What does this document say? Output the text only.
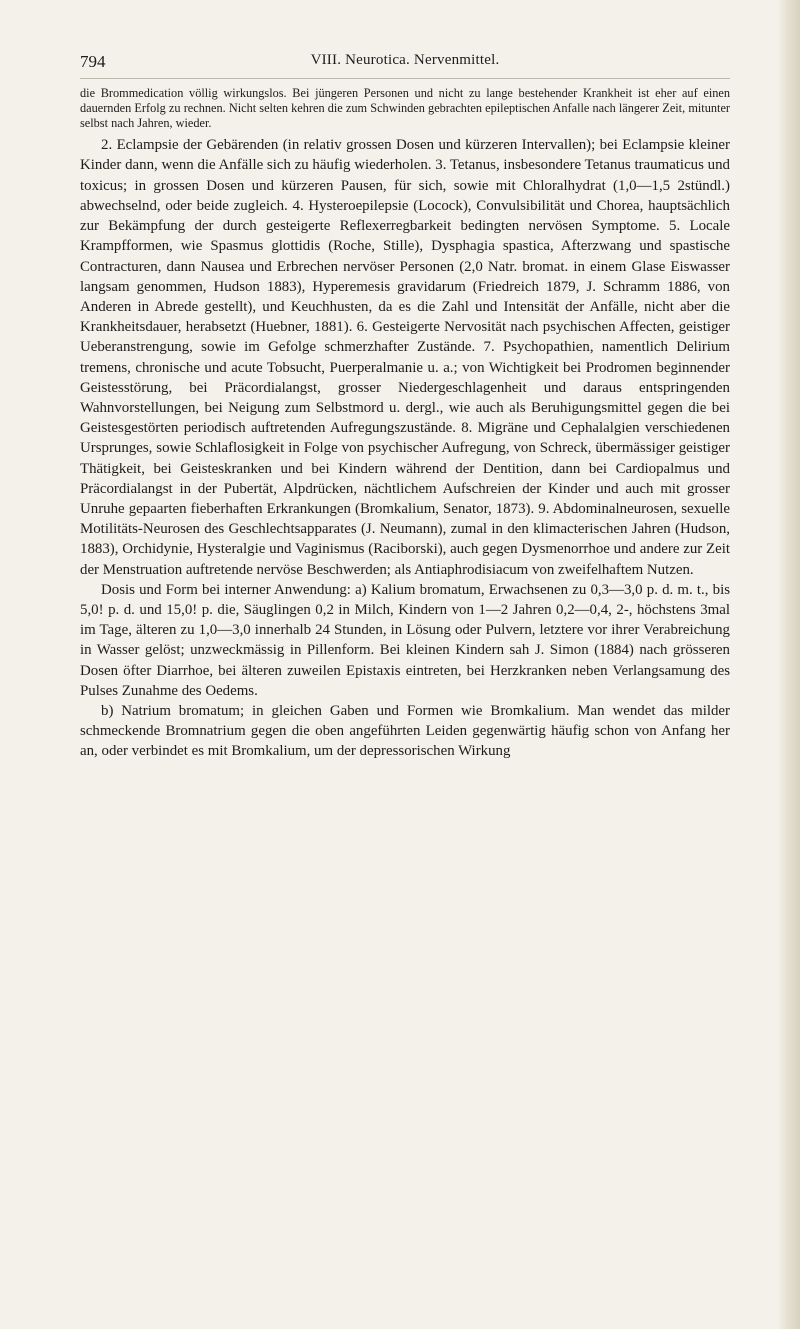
794	VIII. Neurotica. Nervenmittel.

die Brommedication völlig wirkungslos. Bei jüngeren Personen und nicht zu lange bestehender Krankheit ist eher auf einen dauernden Erfolg zu rechnen. Nicht selten kehren die zum Schwinden gebrachten epileptischen Anfalle nach längerer Zeit, mitunter selbst nach Jahren, wieder.

2. Eclampsie der Gebärenden (in relativ grossen Dosen und kürzeren Intervallen); bei Eclampsie kleiner Kinder dann, wenn die Anfälle sich zu häufig wiederholen. 3. Tetanus, insbesondere Tetanus traumaticus und toxicus; in grossen Dosen und kürzeren Pausen, für sich, sowie mit Chloralhydrat (1,0—1,5 2stündl.) abwechselnd, oder beide zugleich. 4. Hysteroepilepsie (Locock), Convulsibilität und Chorea, hauptsächlich zur Bekämpfung der durch gesteigerte Reflexerregbarkeit bedingten nervösen Symptome. 5. Locale Krampfformen, wie Spasmus glottidis (Roche, Stille), Dysphagia spastica, Afterzwang und spastische Contracturen, dann Nausea und Erbrechen nervöser Personen (2,0 Natr. bromat. in einem Glase Eiswasser langsam genommen, Hudson 1883), Hyperemesis gravidarum (Friedreich 1879, J. Schramm 1886, von Anderen in Abrede gestellt), und Keuchhusten, da es die Zahl und Intensität der Anfälle, nicht aber die Krankheitsdauer, herabsetzt (Huebner, 1881). 6. Gesteigerte Nervosität nach psychischen Affecten, geistiger Ueberanstrengung, sowie im Gefolge schmerzhafter Zustände. 7. Psychopathien, namentlich Delirium tremens, chronische und acute Tobsucht, Puerperalmanie u. a.; von Wichtigkeit bei Prodromen beginnender Geistesstörung, bei Präcordialangst, grosser Niedergeschlagenheit und daraus entspringenden Wahnvorstellungen, bei Neigung zum Selbstmord u. dergl., wie auch als Beruhigungsmittel gegen die bei Geistesgestörten periodisch auftretenden Aufregungszustände. 8. Migräne und Cephalalgien verschiedenen Ursprunges, sowie Schlaflosigkeit in Folge von psychischer Aufregung, von Schreck, übermässiger geistiger Thätigkeit, bei Geisteskranken und bei Kindern während der Dentition, dann bei Cardiopalmus und Präcordialangst in der Pubertät, Alpdrücken, nächtlichem Aufschreien der Kinder und auch mit grosser Unruhe gepaarten fieberhaften Erkrankungen (Bromkalium, Senator, 1873). 9. Abdominalneurosen, sexuelle Motilitäts-Neurosen des Geschlechtsapparates (J. Neumann), zumal in den klimacterischen Jahren (Hudson, 1883), Orchidynie, Hysteralgie und Vaginismus (Raciborski), auch gegen Dysmenorrhoe und andere zur Zeit der Menstruation auftretende nervöse Beschwerden; als Antiaphrodisiacum von zweifelhaftem Nutzen.

Dosis und Form bei interner Anwendung: a) Kalium bromatum, Erwachsenen zu 0,3—3,0 p. d. m. t., bis 5,0! p. d. und 15,0! p. die, Säuglingen 0,2 in Milch, Kindern von 1—2 Jahren 0,2—0,4, 2-, höchstens 3mal im Tage, älteren zu 1,0—3,0 innerhalb 24 Stunden, in Lösung oder Pulvern, letztere vor ihrer Verabreichung in Wasser gelöst; unzweckmässig in Pillenform. Bei kleinen Kindern sah J. Simon (1884) nach grösseren Dosen öfter Diarrhoe, bei älteren zuweilen Epistaxis eintreten, bei Herzkranken neben Verlangsamung des Pulses Zunahme des Oedems.

b) Natrium bromatum; in gleichen Gaben und Formen wie Bromkalium. Man wendet das milder schmeckende Bromnatrium gegen die oben angeführten Leiden gegenwärtig häufig schon von Anfang her an, oder verbindet es mit Bromkalium, um der depressorischen Wirkung
